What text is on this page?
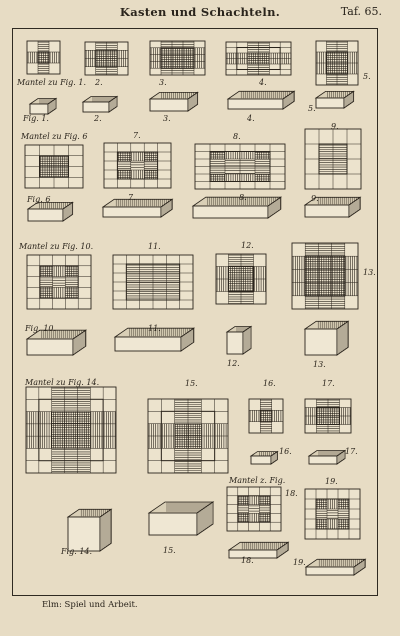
Kasten und Schachteln.	Taf. 65.
Mantel zu Fig. 1. 2.	3.	4.
5.
Fig. 1.	2.	3.	4.
5.
Mantel zu Fig. 6	7.	8.
9.
Fig. 6	7.	8.	9.
Mantel zu Fig. 10.	11.	12.
13.
Fig. 10.	11.
12.	13.
Mantel zu Fig. 14.	15.	16.	17.
16.	17.
Mantel z. Fig.
18.
19.
Fig. 14.	15.
18.	19.
Elm: Spiel und Arbeit.
